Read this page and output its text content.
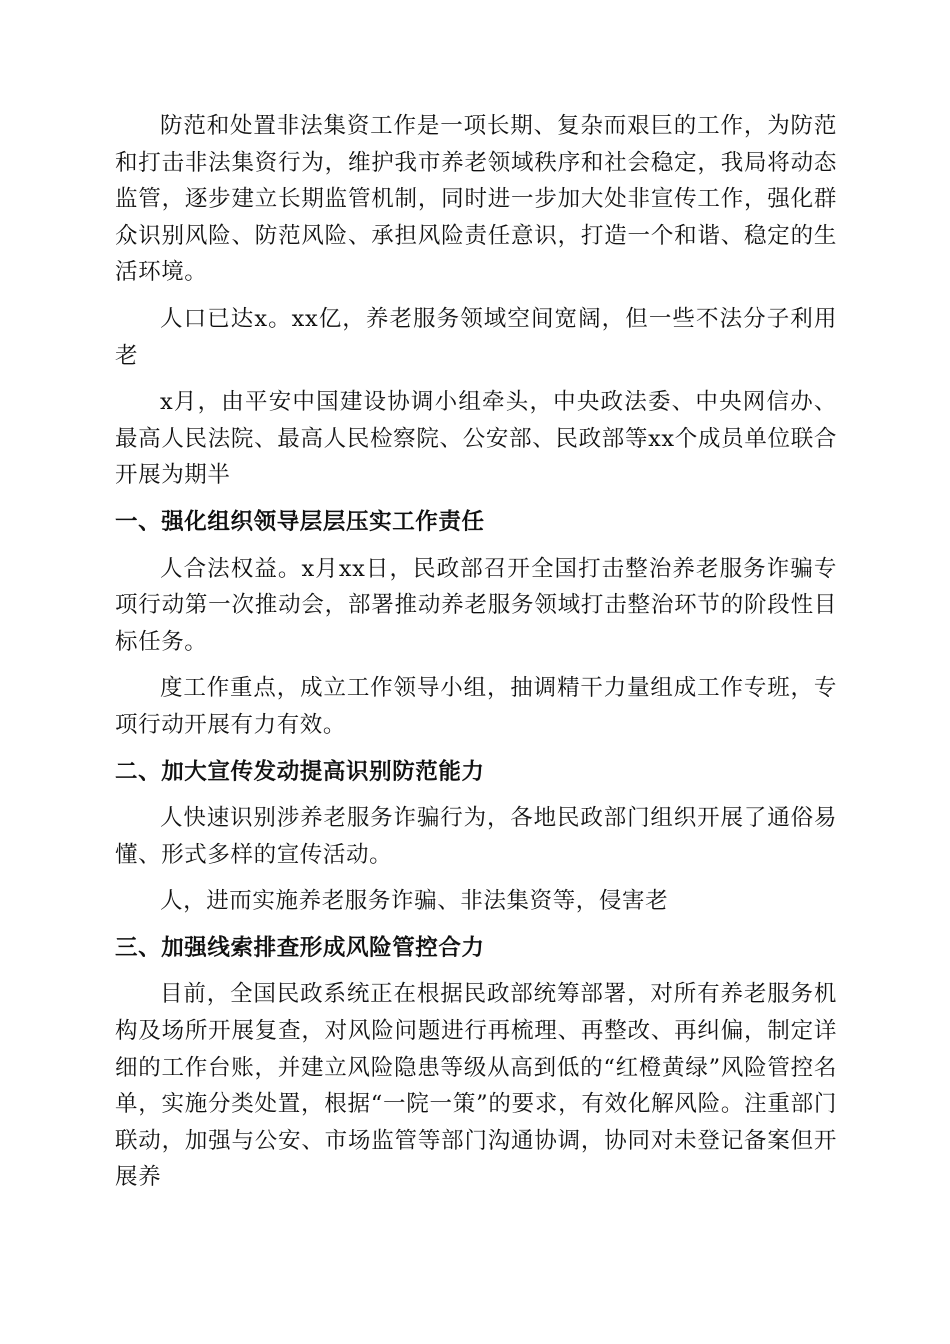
防范和处置非法集资工作是一项长期、复杂而艰巨的工作，为防范和打击非法集资行为，维护我市养老领域秩序和社会稳定，我局将动态监管，逐步建立长期监管机制，同时进一步加大处非宣传工作，强化群众识别风险、防范风险、承担风险责任意识，打造一个和谐、稳定的生活环境。

人口已达x。xx亿，养老服务领域空间宽阔，但一些不法分子利用老

x月，由平安中国建设协调小组牵头，中央政法委、中央网信办、最高人民法院、最高人民检察院、公安部、民政部等xx个成员单位联合开展为期半

一、强化组织领导层层压实工作责任

人合法权益。x月xx日，民政部召开全国打击整治养老服务诈骗专项行动第一次推动会，部署推动养老服务领域打击整治环节的阶段性目标任务。

度工作重点，成立工作领导小组，抽调精干力量组成工作专班，专项行动开展有力有效。

二、加大宣传发动提高识别防范能力

人快速识别涉养老服务诈骗行为，各地民政部门组织开展了通俗易懂、形式多样的宣传活动。

人，进而实施养老服务诈骗、非法集资等，侵害老

三、加强线索排查形成风险管控合力

目前，全国民政系统正在根据民政部统筹部署，对所有养老服务机构及场所开展复查，对风险问题进行再梳理、再整改、再纠偏，制定详细的工作台账，并建立风险隐患等级从高到低的“红橙黄绿”风险管控名单，实施分类处置，根据“一院一策”的要求，有效化解风险。注重部门联动，加强与公安、市场监管等部门沟通协调，协同对未登记备案但开展养
